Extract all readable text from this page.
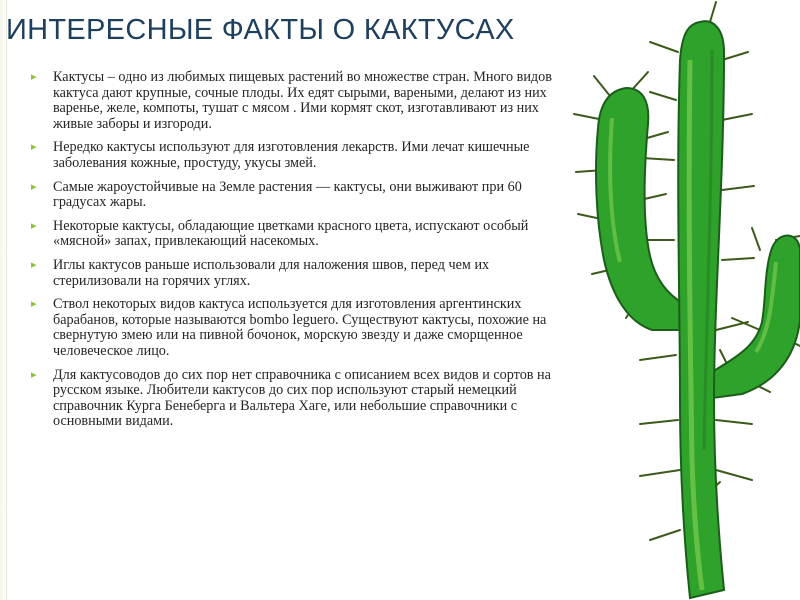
ИНТЕРЕСНЫЕ ФАКТЫ О КАКТУСАХ
▸	Кактусы – одно из любимых пищевых растений во множестве стран. Много видов кактуса дают крупные, сочные плоды. Их едят сырыми, вареными, делают из них варенье, желе, компоты, тушат с мясом . Ими кормят скот, изготавливают из них живые заборы и изгороди.
▸	Нередко кактусы используют для изготовления лекарств. Ими лечат кишечные заболевания кожные, простуду, укусы змей.
▸	Самые жароустойчивые на Земле растения — кактусы, они выживают при 60 градусах жары.
▸	Некоторые кактусы, обладающие цветками красного цвета, испускают особый «мясной» запах, привлекающий насекомых.
▸	Иглы кактусов раньше использовали для наложения швов, перед чем их стерилизовали на горячих углях.
▸	Ствол некоторых видов кактуса используется для изготовления аргентинских барабанов, которые называются bombo leguero. Существуют кактусы, похожие на свернутую змею или на пивной бочонок, морскую звезду и даже сморщенное человеческое лицо.
▸	Для кактусоводов до сих пор нет справочника с описанием всех видов и сортов на русском языке. Любители кактусов до сих пор используют старый немецкий справочник Курга Бенеберга и Вальтера Хаге, или небольшие справочники с основными видами.
